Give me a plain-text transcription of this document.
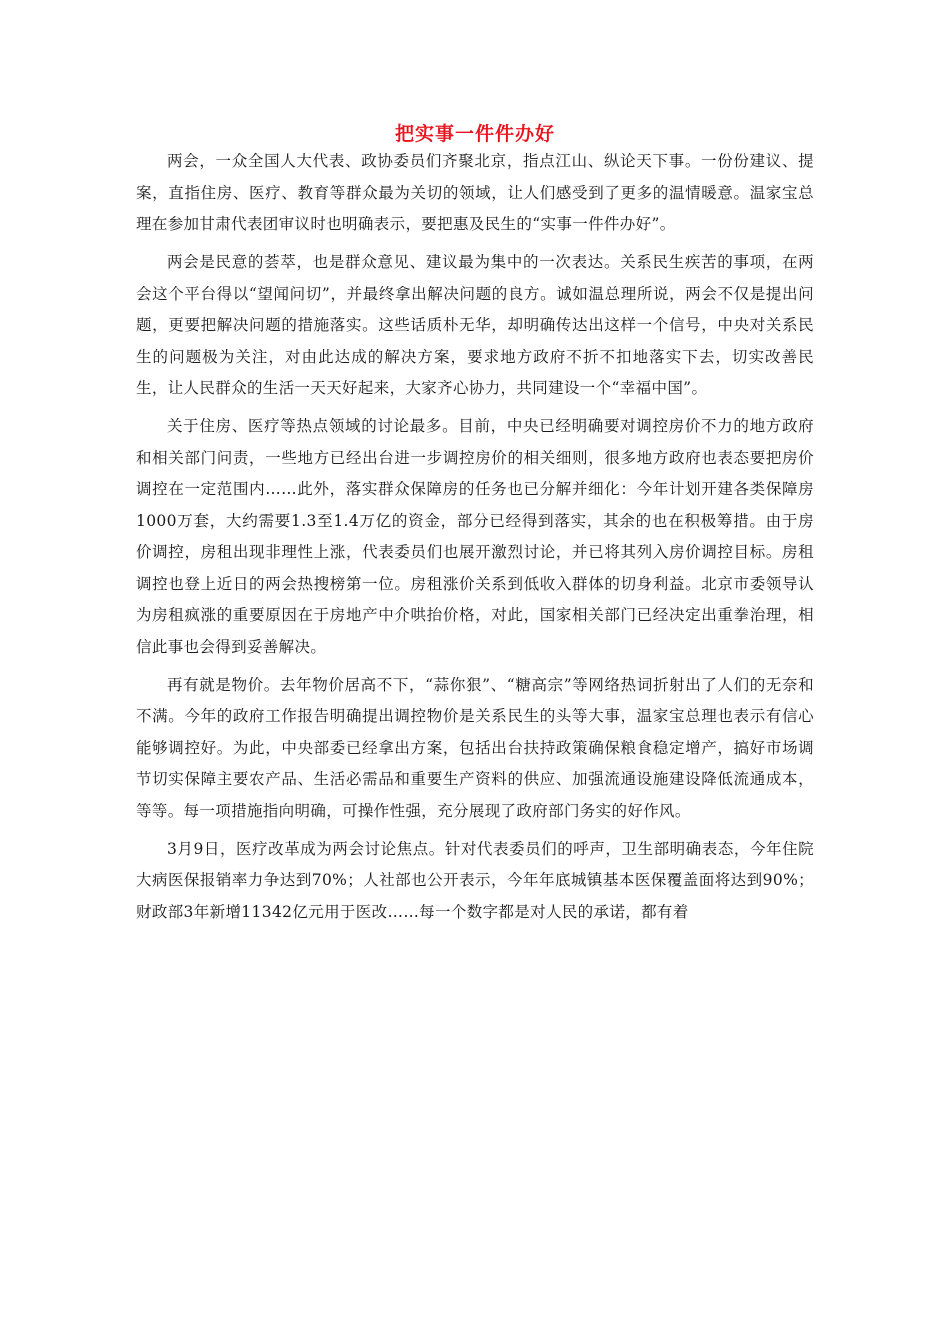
把实事一件件办好

两会，一众全国人大代表、政协委员们齐聚北京，指点江山、纵论天下事。一份份建议、提案，直指住房、医疗、教育等群众最为关切的领域，让人们感受到了更多的温情暖意。温家宝总理在参加甘肃代表团审议时也明确表示，要把惠及民生的“实事一件件办好”。

两会是民意的荟萃，也是群众意见、建议最为集中的一次表达。关系民生疾苦的事项，在两会这个平台得以“望闻问切”，并最终拿出解决问题的良方。诚如温总理所说，两会不仅是提出问题，更要把解决问题的措施落实。这些话质朴无华，却明确传达出这样一个信号，中央对关系民生的问题极为关注，对由此达成的解决方案，要求地方政府不折不扣地落实下去，切实改善民生，让人民群众的生活一天天好起来，大家齐心协力，共同建设一个“幸福中国”。

关于住房、医疗等热点领域的讨论最多。目前，中央已经明确要对调控房价不力的地方政府和相关部门问责，一些地方已经出台进一步调控房价的相关细则，很多地方政府也表态要把房价调控在一定范围内……此外，落实群众保障房的任务也已分解并细化：今年计划开建各类保障房1000万套，大约需要1.3至1.4万亿的资金，部分已经得到落实，其余的也在积极筹措。由于房价调控，房租出现非理性上涨，代表委员们也展开激烈讨论，并已将其列入房价调控目标。房租调控也登上近日的两会热搜榜第一位。房租涨价关系到低收入群体的切身利益。北京市委领导认为房租疯涨的重要原因在于房地产中介哄抬价格，对此，国家相关部门已经决定出重拳治理，相信此事也会得到妥善解决。

再有就是物价。去年物价居高不下，“蒜你狠”、“糖高宗”等网络热词折射出了人们的无奈和不满。今年的政府工作报告明确提出调控物价是关系民生的头等大事，温家宝总理也表示有信心能够调控好。为此，中央部委已经拿出方案，包括出台扶持政策确保粮食稳定增产，搞好市场调节切实保障主要农产品、生活必需品和重要生产资料的供应、加强流通设施建设降低流通成本，等等。每一项措施指向明确，可操作性强，充分展现了政府部门务实的好作风。

3月9日，医疗改革成为两会讨论焦点。针对代表委员们的呼声，卫生部明确表态，今年住院大病医保报销率力争达到70%；人社部也公开表示，今年年底城镇基本医保覆盖面将达到90%；财政部3年新增11342亿元用于医改……每一个数字都是对人民的承诺，都有着
